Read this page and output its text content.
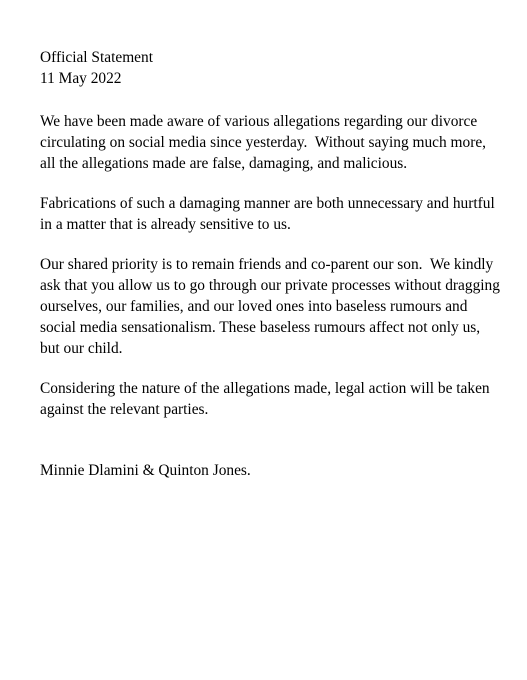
Official Statement

11 May 2022

We have been made aware of various allegations regarding our divorce
circulating on social media since yesterday.  Without saying much more,
all the allegations made are false, damaging, and malicious.

Fabrications of such a damaging manner are both unnecessary and hurtful
in a matter that is already sensitive to us.

Our shared priority is to remain friends and co-parent our son.  We kindly
ask that you allow us to go through our private processes without dragging
ourselves, our families, and our loved ones into baseless rumours and
social media sensationalism. These baseless rumours affect not only us,
but our child.

Considering the nature of the allegations made, legal action will be taken
against the relevant parties.

Minnie Dlamini & Quinton Jones.
